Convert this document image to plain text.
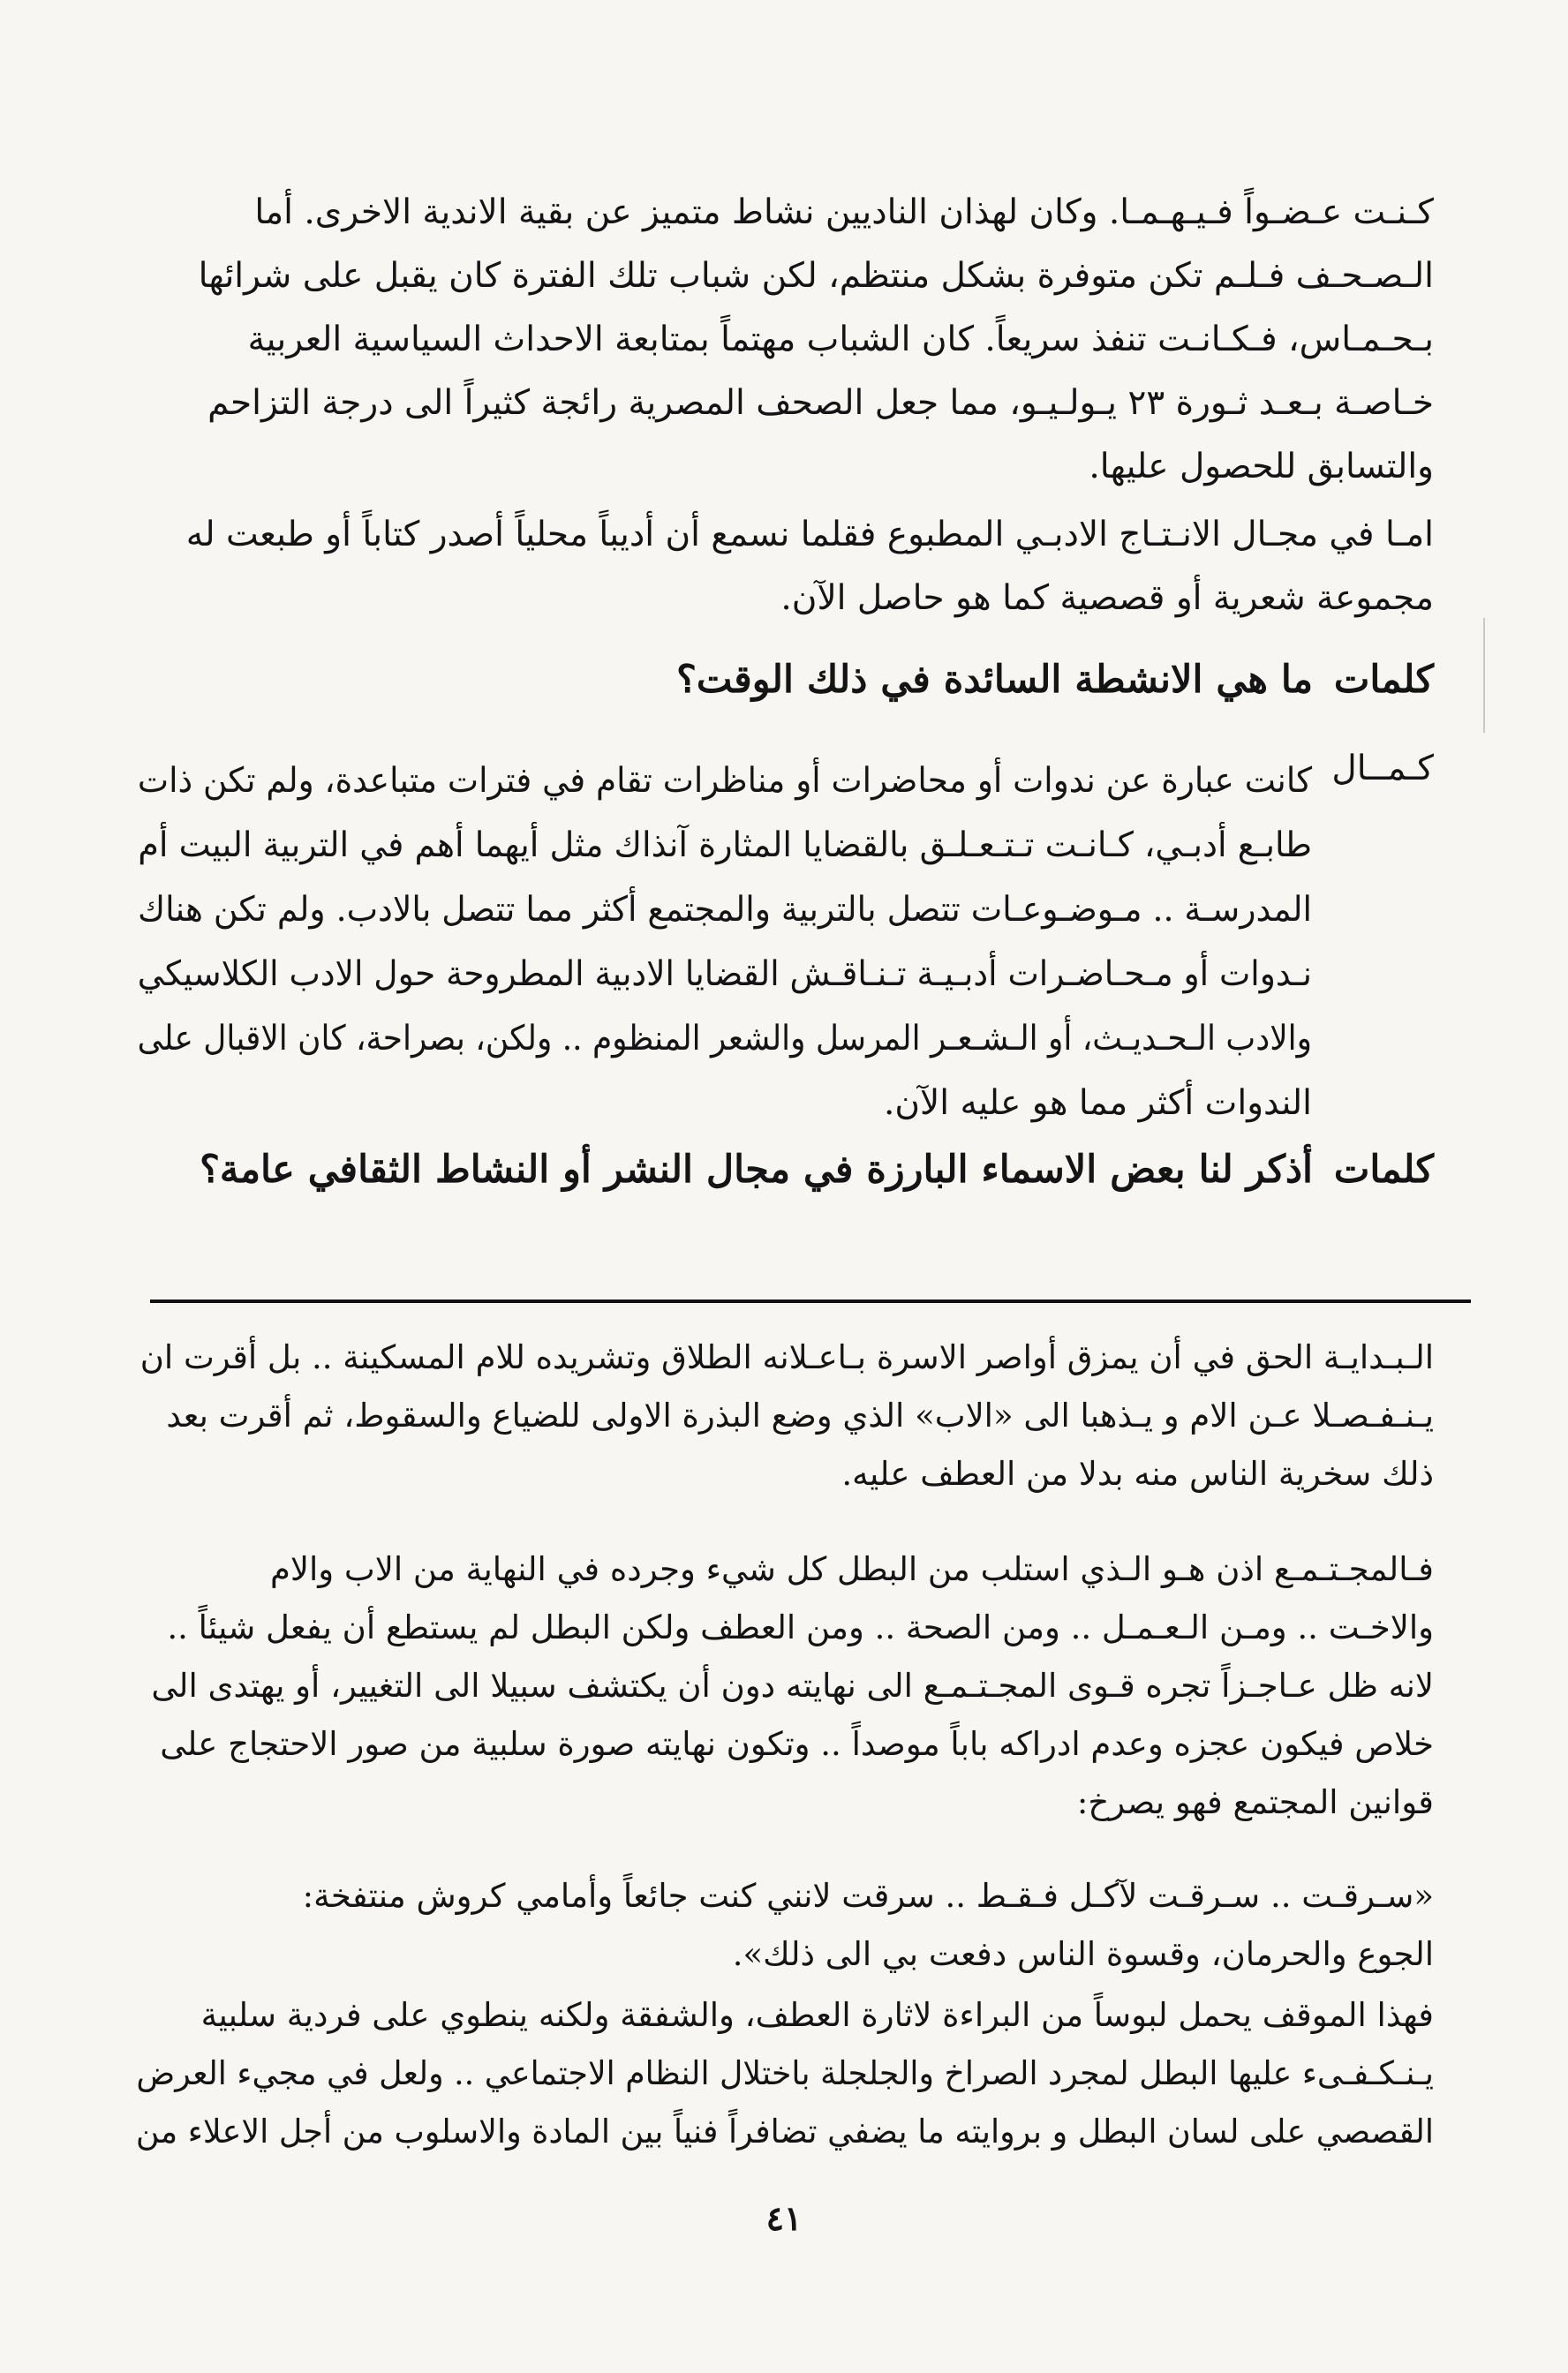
كـنـت عـضـواً فـيـهـمـا. وكان لهذان الناديين نشاط متميز عن بقية الاندية الاخرى. أما
الـصـحـف فـلـم تكن متوفرة بشكل منتظم، لكن شباب تلك الفترة كان يقبل على شرائها
بـحـمـاس، فـكـانـت تنفذ سريعاً. كان الشباب مهتماً بمتابعة الاحداث السياسية العربية
خـاصـة بـعـد ثـورة ٢٣ يـولـيـو، مما جعل الصحف المصرية رائجة كثيراً الى درجة التزاحم
والتسابق للحصول عليها.
امـا في مجـال الانـتـاج الادبـي المطبوع فقلما نسمع أن أديباً محلياً أصدر كتاباً أو طبعت له
مجموعة شعرية أو قصصية كما هو حاصل الآن.
كلمات ما هي الانشطة السائدة في ذلك الوقت؟
كـمــال
كانت عبارة عن ندوات أو محاضرات أو مناظرات تقام في فترات متباعدة، ولم تكن ذات
طابـع أدبـي، كـانـت تـتـعـلـق بالقضايا المثارة آنذاك مثل أيهما أهم في التربية البيت أم
المدرسـة .. مـوضـوعـات تتصل بالتربية والمجتمع أكثر مما تتصل بالادب. ولم تكن هناك
نـدوات أو مـحـاضـرات أدبـيـة تـنـاقـش القضايا الادبية المطروحة حول الادب الكلاسيكي
والادب الـحـديـث، أو الـشـعـر المرسل والشعر المنظوم .. ولكن، بصراحة، كان الاقبال على
الندوات أكثر مما هو عليه الآن.
كلمات أذكر لنا بعض الاسماء البارزة في مجال النشر أو النشاط الثقافي عامة؟
الـبـدايـة الحق في أن يمزق أواصر الاسرة بـاعـلانه الطلاق وتشريده للام المسكينة .. بل أقرت ان
يـنـفـصـلا عـن الام و يـذهبا الى «الاب» الذي وضع البذرة الاولى للضياع والسقوط، ثم أقرت بعد
ذلك سخرية الناس منه بدلا من العطف عليه.
فـالمجـتـمـع اذن هـو الـذي استلب من البطل كل شيء وجرده في النهاية من الاب والام
والاخـت .. ومـن الـعـمـل .. ومن الصحة .. ومن العطف ولكن البطل لم يستطع أن يفعل شيئاً ..
لانه ظل عـاجـزاً تجره قـوى المجـتـمـع الى نهايته دون أن يكتشف سبيلا الى التغيير، أو يهتدى الى
خلاص فيكون عجزه وعدم ادراكه باباً موصداً .. وتكون نهايته صورة سلبية من صور الاحتجاج على
قوانين المجتمع فهو يصرخ:
«سـرقـت .. سـرقـت لآكـل فـقـط .. سرقت لانني كنت جائعاً وأمامي كروش منتفخة:
الجوع والحرمان، وقسوة الناس دفعت بي الى ذلك».
فهذا الموقف يحمل لبوساً من البراءة لاثارة العطف، والشفقة ولكنه ينطوي على فردية سلبية
يـنـكـفـىء عليها البطل لمجرد الصراخ والجلجلة باختلال النظام الاجتماعي .. ولعل في مجيء العرض
القصصي على لسان البطل و بروايته ما يضفي تضافراً فنياً بين المادة والاسلوب من أجل الاعلاء من
٤١
